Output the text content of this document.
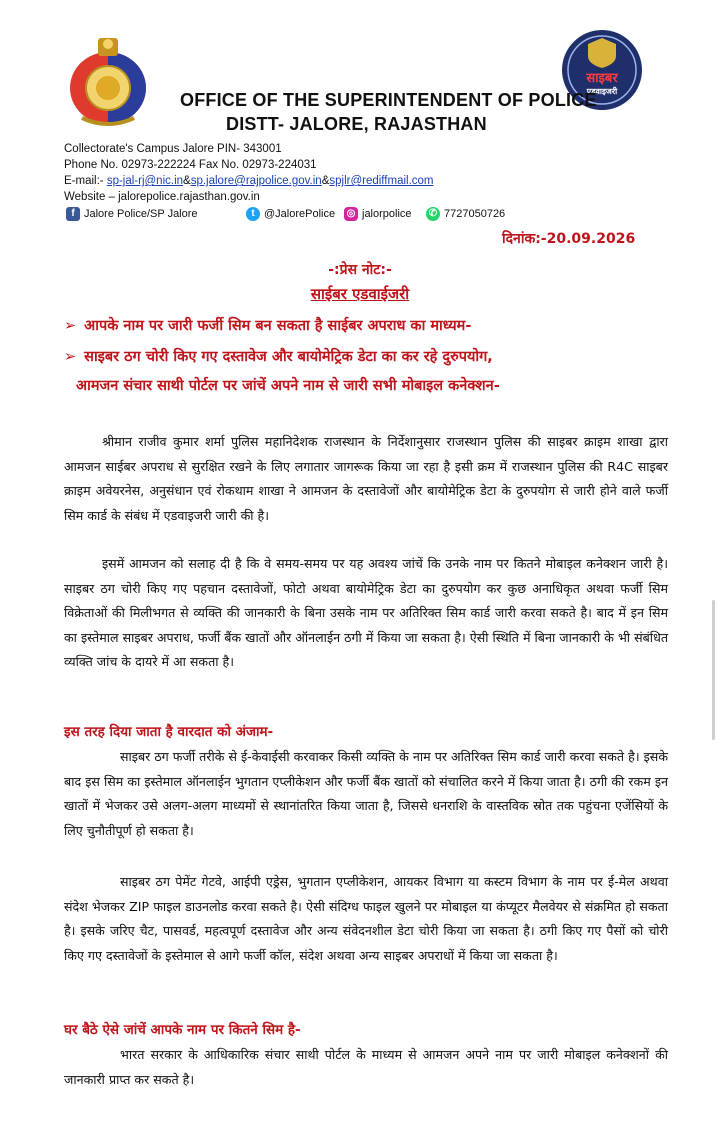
साइबर
एडवाइजरी
OFFICE OF THE SUPERINTENDENT OF POLICE
DISTT- JALORE, RAJASTHAN
Collectorate's Campus Jalore PIN- 343001
Phone No. 02973-222224 Fax No. 02973-224031
E-mail:- sp-jal-rj@nic.in&sp.jalore@rajpolice.gov.in&spjlr@rediffmail.com
Website – jalorepolice.rajasthan.gov.in
f Jalore Police/SP Jalore	t @JalorePolice ◎ jalorpolice ✆ 7727050726
दिनांक:-20.09.2026
-:प्रेस नोट:-
साईबर एडवाईजरी
➢ आपके नाम पर जारी फर्जी सिम बन सकता है साईबर अपराध का माध्यम-
➢ साइबर ठग चोरी किए गए दस्तावेज और बायोमेट्रिक डेटा का कर रहे दुरुपयोग,
आमजन संचार साथी पोर्टल पर जांचें अपने नाम से जारी सभी मोबाइल कनेक्शन-
श्रीमान राजीव कुमार शर्मा पुलिस महानिदेशक राजस्थान के निर्देशानुसार राजस्थान पुलिस की साइबर क्राइम शाखा द्वारा आमजन साईबर अपराध से सुरक्षित रखने के लिए लगातार जागरूक किया जा रहा है इसी क्रम में राजस्थान पुलिस की R4C साइबर क्राइम अवेयरनेस, अनुसंधान एवं रोकथाम शाखा ने आमजन के दस्तावेजों और बायोमेट्रिक डेटा के दुरुपयोग से जारी होने वाले फर्जी सिम कार्ड के संबंध में एडवाइजरी जारी की है।
इसमें आमजन को सलाह दी है कि वे समय-समय पर यह अवश्य जांचें कि उनके नाम पर कितने मोबाइल कनेक्शन जारी है। साइबर ठग चोरी किए गए पहचान दस्तावेजों, फोटो अथवा बायोमेट्रिक डेटा का दुरुपयोग कर कुछ अनाधिकृत अथवा फर्जी सिम विक्रेताओं की मिलीभगत से व्यक्ति की जानकारी के बिना उसके नाम पर अतिरिक्त सिम कार्ड जारी करवा सकते है। बाद में इन सिम का इस्तेमाल साइबर अपराध, फर्जी बैंक खातों और ऑनलाईन ठगी में किया जा सकता है। ऐसी स्थिति में बिना जानकारी के भी संबंधित व्यक्ति जांच के दायरे में आ सकता है।
इस तरह दिया जाता है वारदात को अंजाम-
साइबर ठग फर्जी तरीके से ई-केवाईसी करवाकर किसी व्यक्ति के नाम पर अतिरिक्त सिम कार्ड जारी करवा सकते है। इसके बाद इस सिम का इस्तेमाल ऑनलाईन भुगतान एप्लीकेशन और फर्जी बैंक खातों को संचालित करने में किया जाता है। ठगी की रकम इन खातों में भेजकर उसे अलग-अलग माध्यमों से स्थानांतरित किया जाता है, जिससे धनराशि के वास्तविक स्रोत तक पहुंचना एजेंसियों के लिए चुनौतीपूर्ण हो सकता है।
साइबर ठग पेमेंट गेटवे, आईपी एड्रेस, भुगतान एप्लीकेशन, आयकर विभाग या कस्टम विभाग के नाम पर ई-मेल अथवा संदेश भेजकर ZIP फाइल डाउनलोड करवा सकते है। ऐसी संदिग्ध फाइल खुलने पर मोबाइल या कंप्यूटर मैलवेयर से संक्रमित हो सकता है। इसके जरिए चैट, पासवर्ड, महत्वपूर्ण दस्तावेज और अन्य संवेदनशील डेटा चोरी किया जा सकता है। ठगी किए गए पैसों को चोरी किए गए दस्तावेजों के इस्तेमाल से आगे फर्जी कॉल, संदेश अथवा अन्य साइबर अपराधों में किया जा सकता है।
घर बैठे ऐसे जांचें आपके नाम पर कितने सिम है-
भारत सरकार के आधिकारिक संचार साथी पोर्टल के माध्यम से आमजन अपने नाम पर जारी मोबाइल कनेक्शनों की जानकारी प्राप्त कर सकते है।
